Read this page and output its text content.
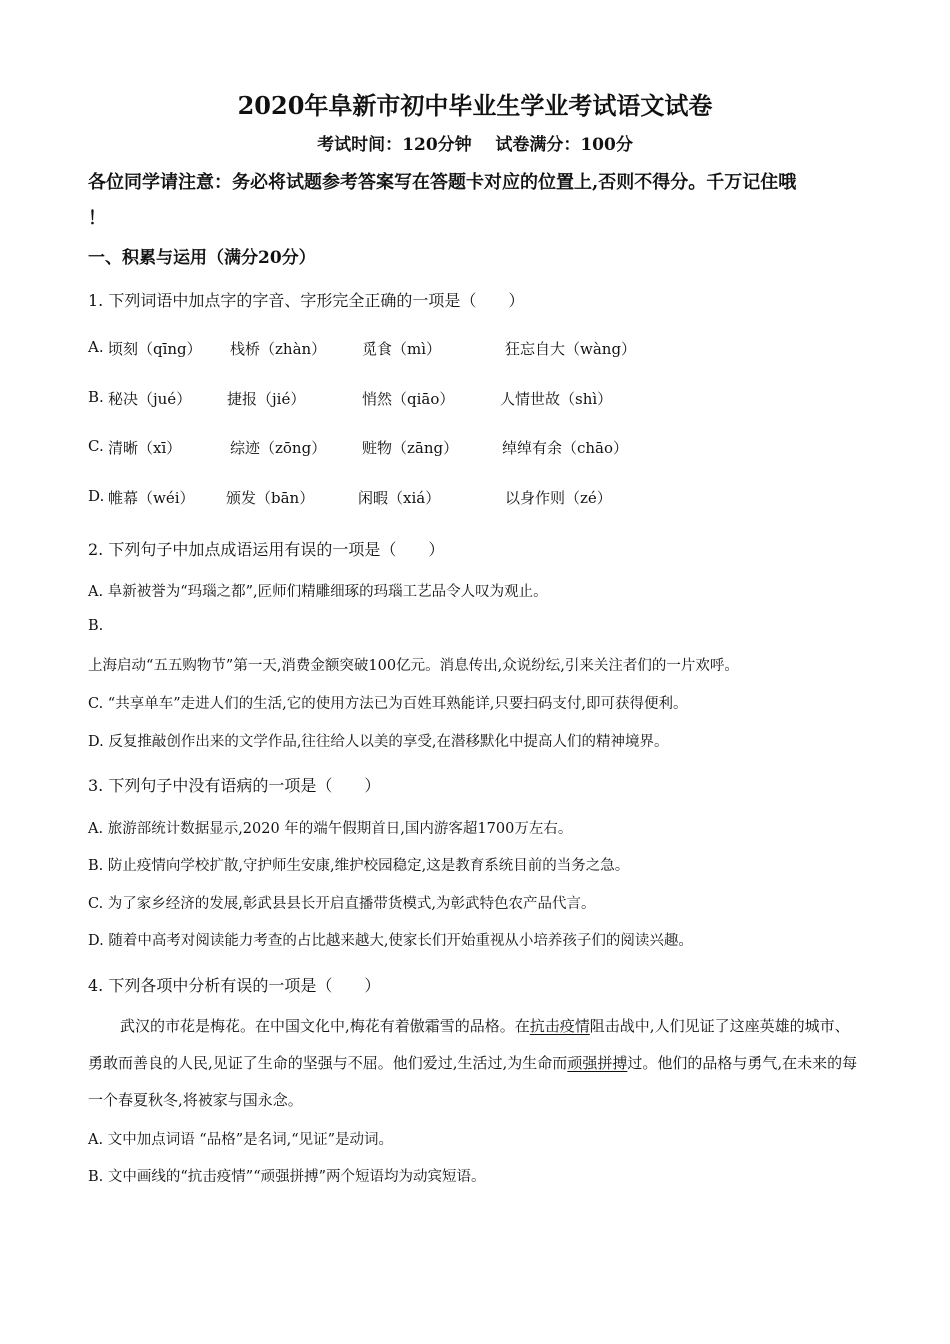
2020年阜新市初中毕业生学业考试语文试卷
考试时间：120分钟    试卷满分：100分
各位同学请注意：务必将试题参考答案写在答题卡对应的位置上,否则不得分。千万记住哦
！
一、积累与运用（满分20分）
1. 下列词语中加点字的字音、字形完全正确的一项是（　　）
A. 顷刻（qīng） 栈桥（zhàn） 觅食（mì）	狂忘自大（wàng）
B. 秘决（jué） 捷报（jié）	悄然（qiāo）	人情世故（shì）
C. 清晰（xī）	综迹（zōng） 赃物（zāng）	绰绰有余（chāo）
D. 帷幕（wéi） 颁发（bān）	闲暇（xiá）	以身作则（zé）
2. 下列句子中加点成语运用有误的一项是（　　）
A. 阜新被誉为“玛瑙之都”,匠师们精雕细琢的玛瑙工艺品令人叹为观止。
B.
上海启动“五五购物节”第一天,消费金额突破100亿元。消息传出,众说纷纭,引来关注者们的一片欢呼。
C. “共享单车”走进人们的生活,它的使用方法已为百姓耳熟能详,只要扫码支付,即可获得便利。
D. 反复推敲创作出来的文学作品,往往给人以美的享受,在潜移默化中提高人们的精神境界。
3. 下列句子中没有语病的一项是（　　）
A. 旅游部统计数据显示,2020 年的端午假期首日,国内游客超1700万左右。
B. 防止疫情向学校扩散,守护师生安康,维护校园稳定,这是教育系统目前的当务之急。
C. 为了家乡经济的发展,彰武县县长开启直播带货模式,为彰武特色农产品代言。
D. 随着中高考对阅读能力考查的占比越来越大,使家长们开始重视从小培养孩子们的阅读兴趣。
4. 下列各项中分析有误的一项是（　　）
武汉的市花是梅花。在中国文化中,梅花有着傲霜雪的品格。在抗击疫情阻击战中,人们见证了这座英雄的城市、勇敢而善良的人民,见证了生命的坚强与不屈。他们爱过,生活过,为生命而顽强拼搏过。他们的品格与勇气,在未来的每一个春夏秋冬,将被家与国永念。
A. 文中加点词语 “品格”是名词,“见证”是动词。
B. 文中画线的“抗击疫情”“顽强拼搏”两个短语均为动宾短语。
